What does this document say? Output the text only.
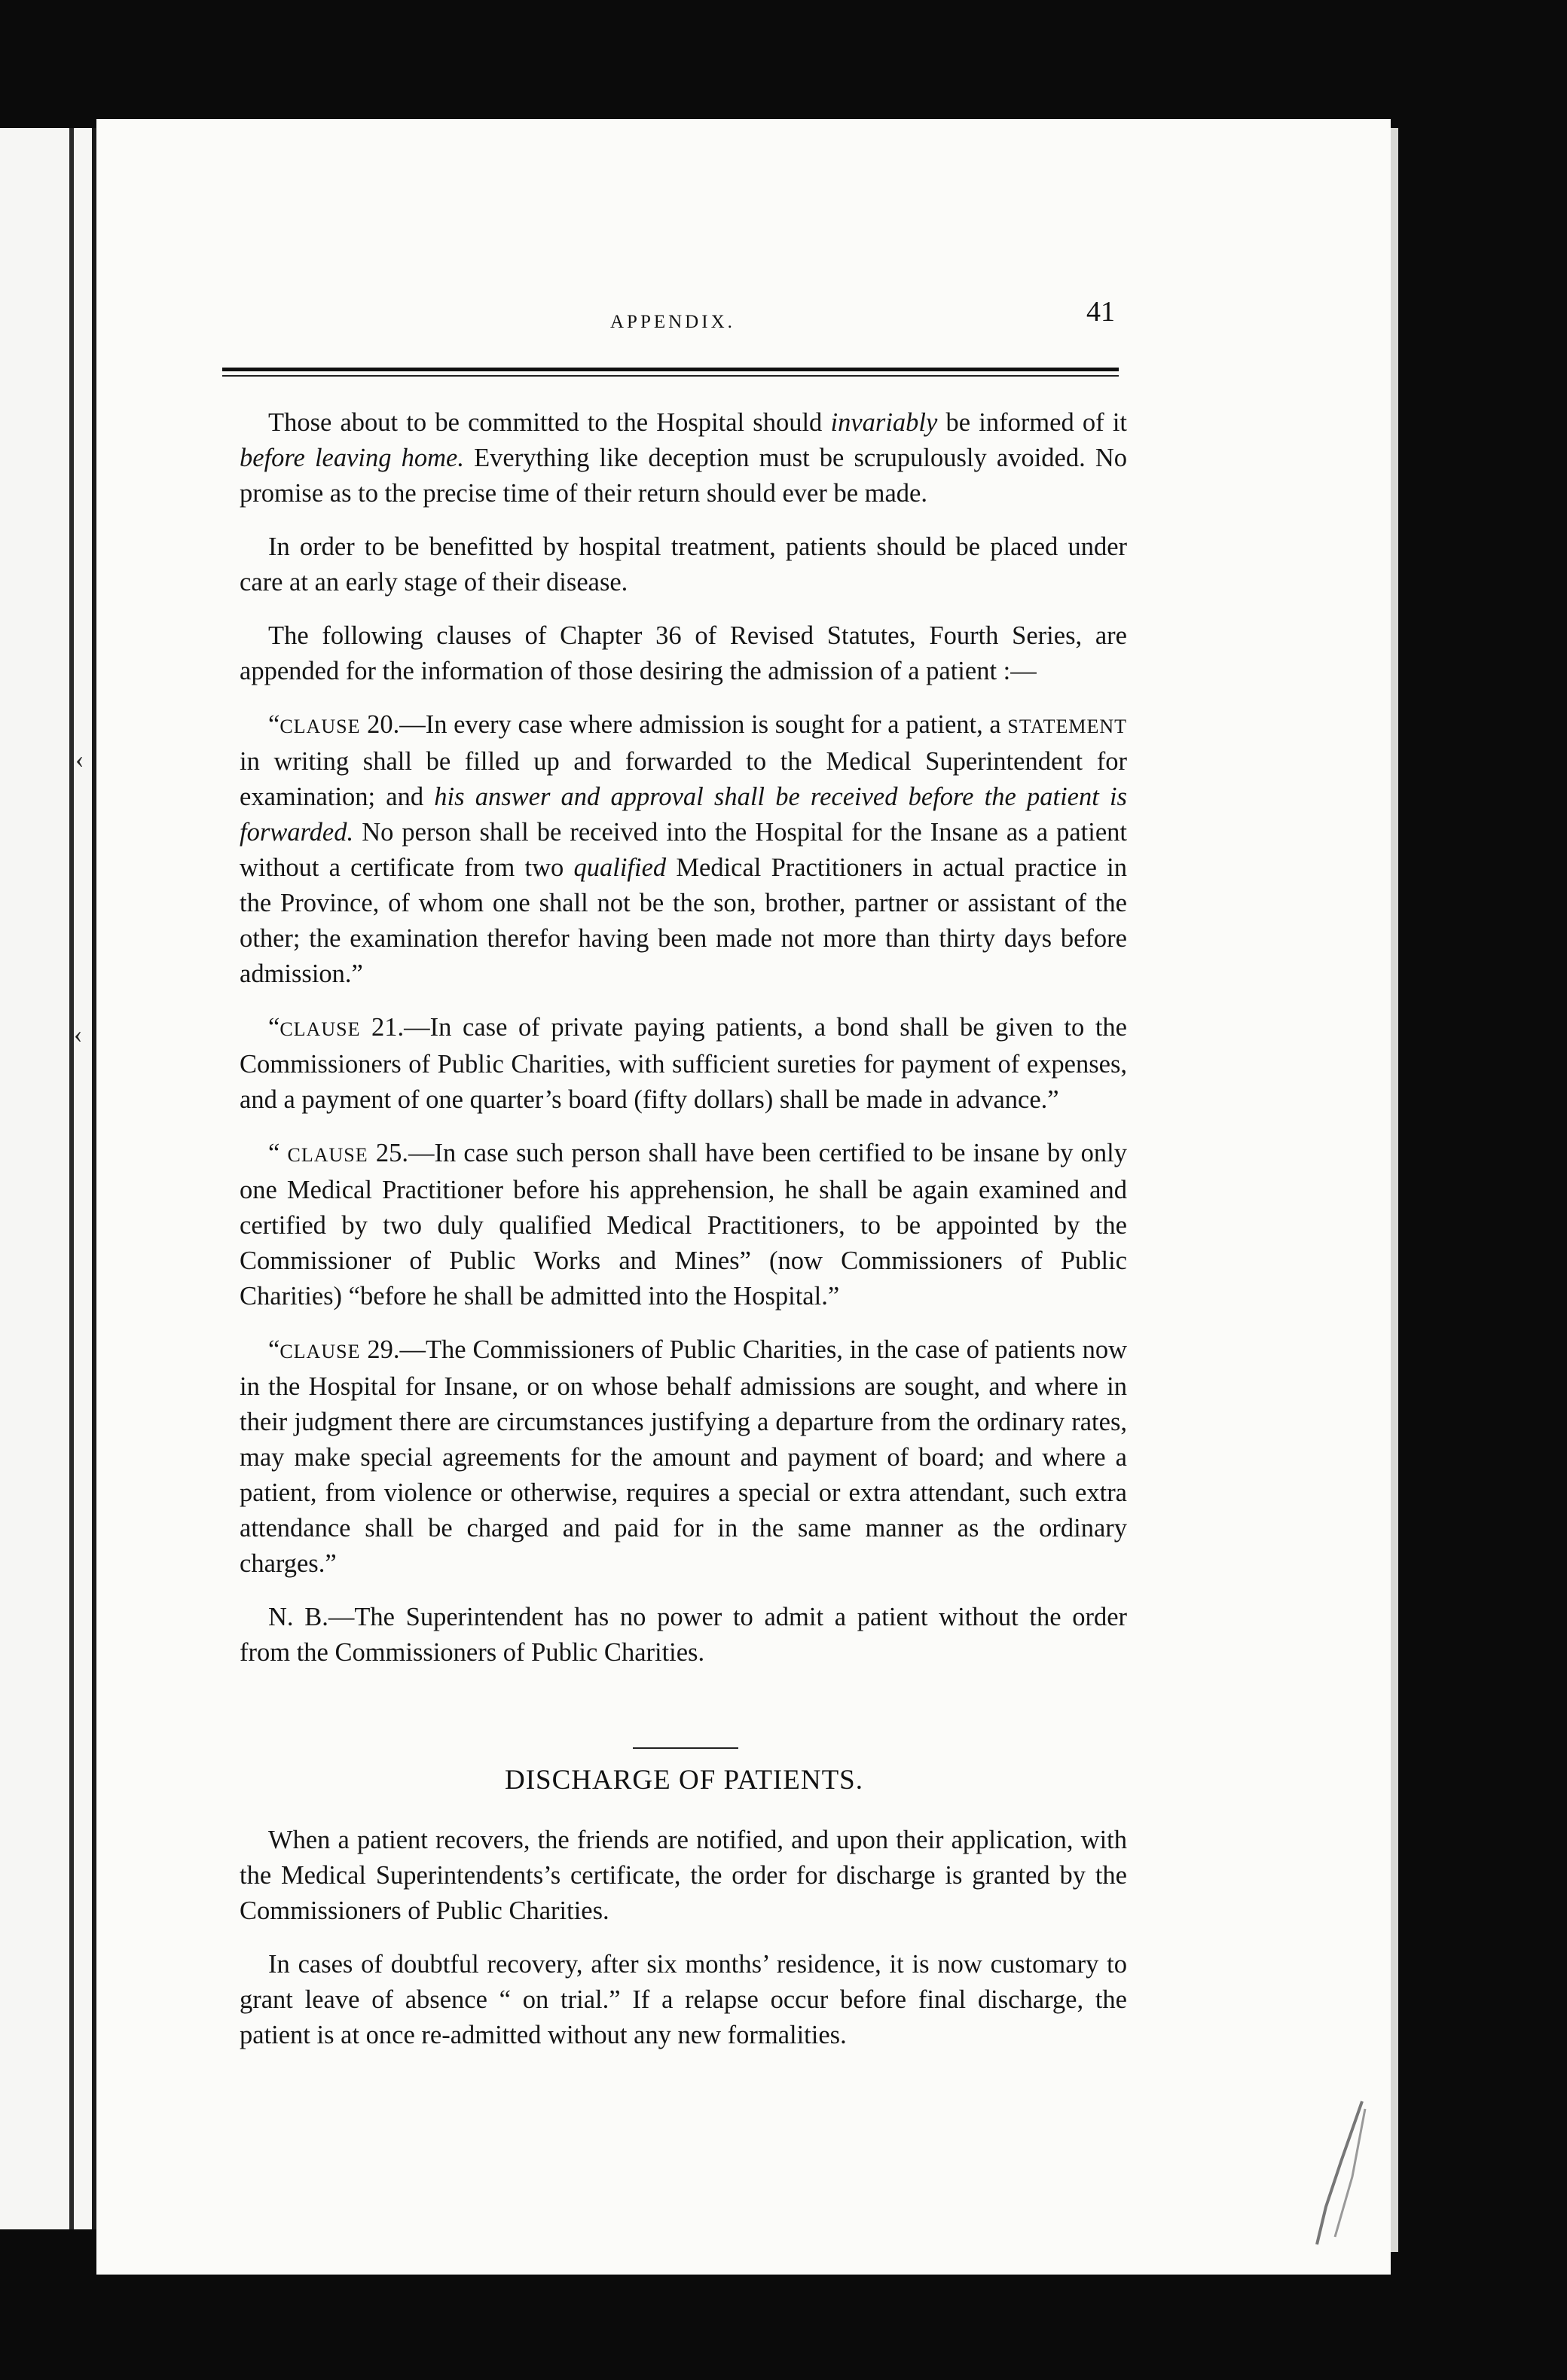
‹
‹
APPENDIX.	41

Those about to be committed to the Hospital should invariably be informed of it before leaving home. Everything like deception must be scrupulously avoided. No promise as to the precise time of their return should ever be made.

In order to be benefitted by hospital treatment, patients should be placed under care at an early stage of their disease.

The following clauses of Chapter 36 of Revised Statutes, Fourth Series, are appended for the information of those desiring the admission of a patient :—

“CLAUSE 20.—In every case where admission is sought for a patient, a STATEMENT in writing shall be filled up and forwarded to the Medical Superintendent for examination; and his answer and approval shall be received before the patient is forwarded. No person shall be received into the Hospital for the Insane as a patient without a certificate from two qualified Medical Practitioners in actual practice in the Province, of whom one shall not be the son, brother, partner or assistant of the other; the examination therefor having been made not more than thirty days before admission.”

“CLAUSE 21.—In case of private paying patients, a bond shall be given to the Commissioners of Public Charities, with sufficient sureties for payment of expenses, and a payment of one quarter’s board (fifty dollars) shall be made in advance.”

“ CLAUSE 25.—In case such person shall have been certified to be insane by only one Medical Practitioner before his apprehension, he shall be again examined and certified by two duly qualified Medical Practitioners, to be appointed by the Commissioner of Public Works and Mines” (now Commissioners of Public Charities) “before he shall be admitted into the Hospital.”

“CLAUSE 29.—The Commissioners of Public Charities, in the case of patients now in the Hospital for Insane, or on whose behalf admissions are sought, and where in their judgment there are circumstances justifying a departure from the ordinary rates, may make special agreements for the amount and payment of board; and where a patient, from violence or otherwise, requires a special or extra attendant, such extra attendance shall be charged and paid for in the same manner as the ordinary charges.”

N. B.—The Superintendent has no power to admit a patient without the order from the Commissioners of Public Charities.

DISCHARGE OF PATIENTS.

When a patient recovers, the friends are notified, and upon their application, with the Medical Superintendents’s certificate, the order for discharge is granted by the Commissioners of Public Charities.

In cases of doubtful recovery, after six months’ residence, it is now customary to grant leave of absence “ on trial.” If a relapse occur before final discharge, the patient is at once re-admitted without any new formalities.
